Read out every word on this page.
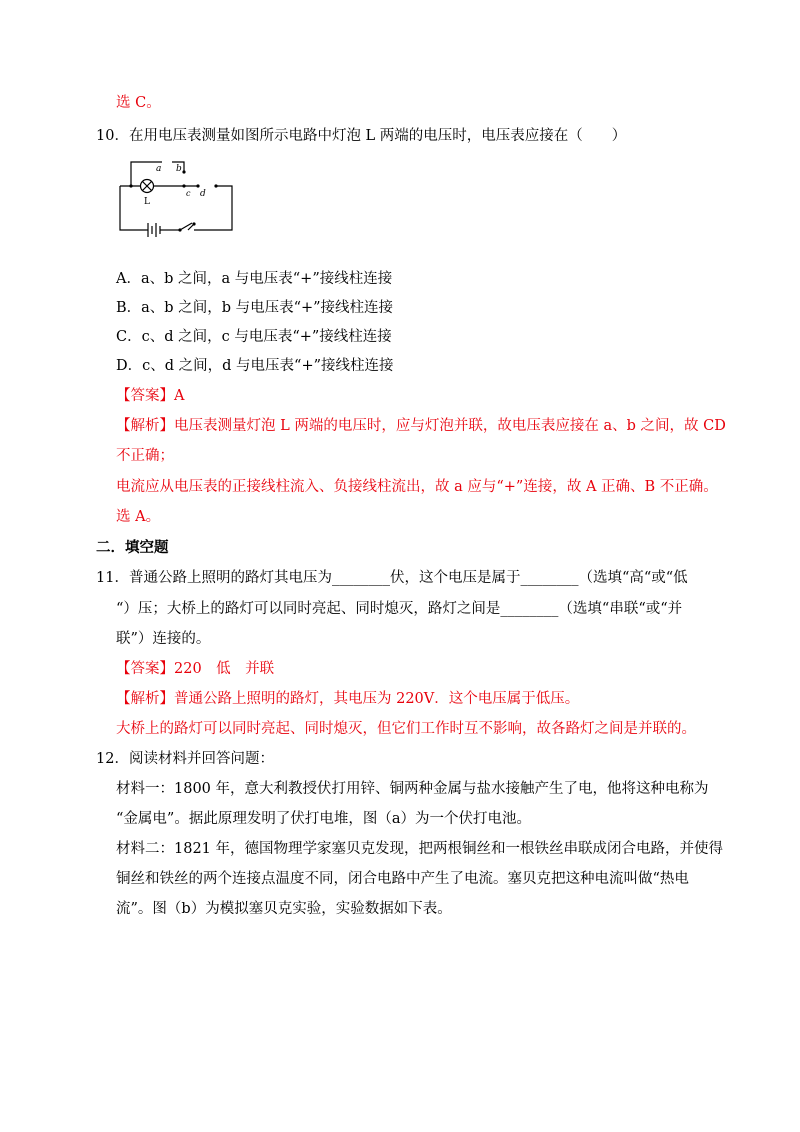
选 C。
10．在用电压表测量如图所示电路中灯泡 L 两端的电压时，电压表应接在（　　）
a b
c d
L
A．a、b 之间，a 与电压表“+”接线柱连接
B．a、b 之间，b 与电压表“+”接线柱连接
C．c、d 之间，c 与电压表“+”接线柱连接
D．c、d 之间，d 与电压表“+”接线柱连接
【答案】A
【解析】电压表测量灯泡 L 两端的电压时，应与灯泡并联，故电压表应接在 a、b 之间，故 CD
不正确；
电流应从电压表的正接线柱流入、负接线柱流出，故 a 应与“+”连接，故 A 正确、B 不正确。
选 A。
二．填空题
11．普通公路上照明的路灯其电压为________伏，这个电压是属于________（选填“高“或“低
“）压；大桥上的路灯可以同时亮起、同时熄灭，路灯之间是________（选填“串联“或“并
联”）连接的。
【答案】220　低　并联
【解析】普通公路上照明的路灯，其电压为 220V．这个电压属于低压。
大桥上的路灯可以同时亮起、同时熄灭，但它们工作时互不影响，故各路灯之间是并联的。
12．阅读材料并回答问题：
材料一：1800 年，意大利教授伏打用锌、铜两种金属与盐水接触产生了电，他将这种电称为
“金属电”。据此原理发明了伏打电堆，图（a）为一个伏打电池。
材料二：1821 年，德国物理学家塞贝克发现，把两根铜丝和一根铁丝串联成闭合电路，并使得
铜丝和铁丝的两个连接点温度不同，闭合电路中产生了电流。塞贝克把这种电流叫做“热电
流”。图（b）为模拟塞贝克实验，实验数据如下表。
